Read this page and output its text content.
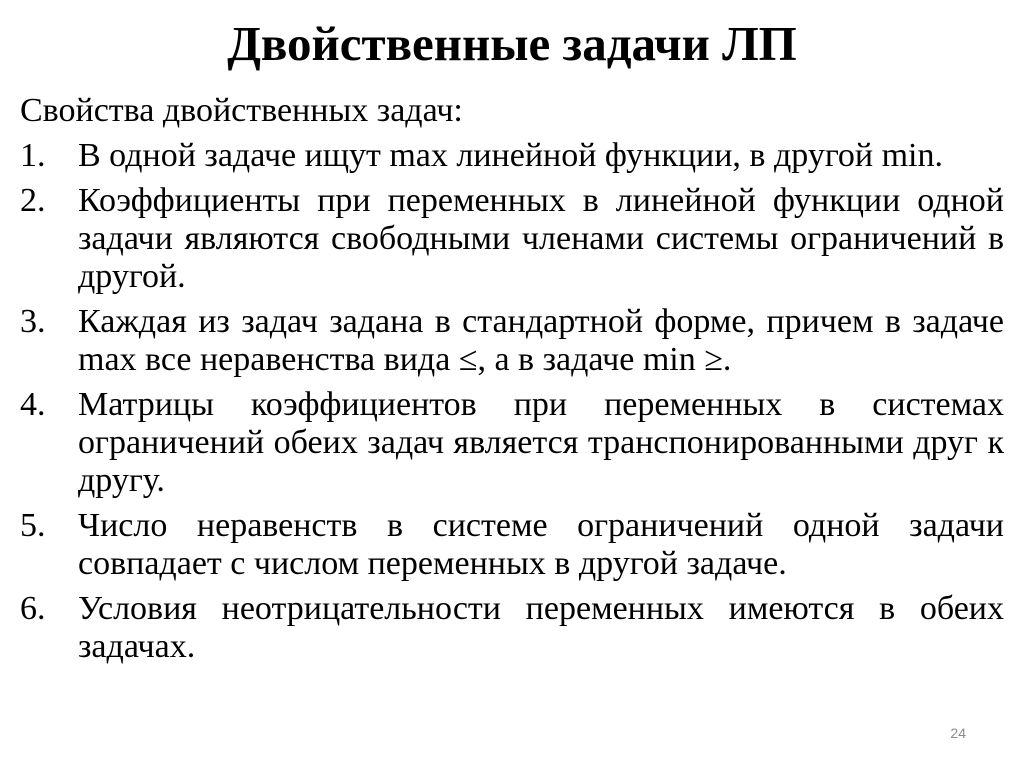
Двойственные задачи ЛП

Свойства двойственных задач:

1. В одной задаче ищут max линейной функции, в другой min.
2. Коэффициенты при переменных в линейной функции одной задачи являются свободными членами системы ограничений в другой.
3. Каждая из задач задана в стандартной форме, причем в задаче max все неравенства вида ≤, а в задаче min ≥.
4. Матрицы коэффициентов при переменных в системах ограничений обеих задач является транспонированными друг к другу.
5. Число неравенств в системе ограничений одной задачи совпадает с числом переменных в другой задаче.
6. Условия неотрицательности переменных имеются в обеих задачах.
24
